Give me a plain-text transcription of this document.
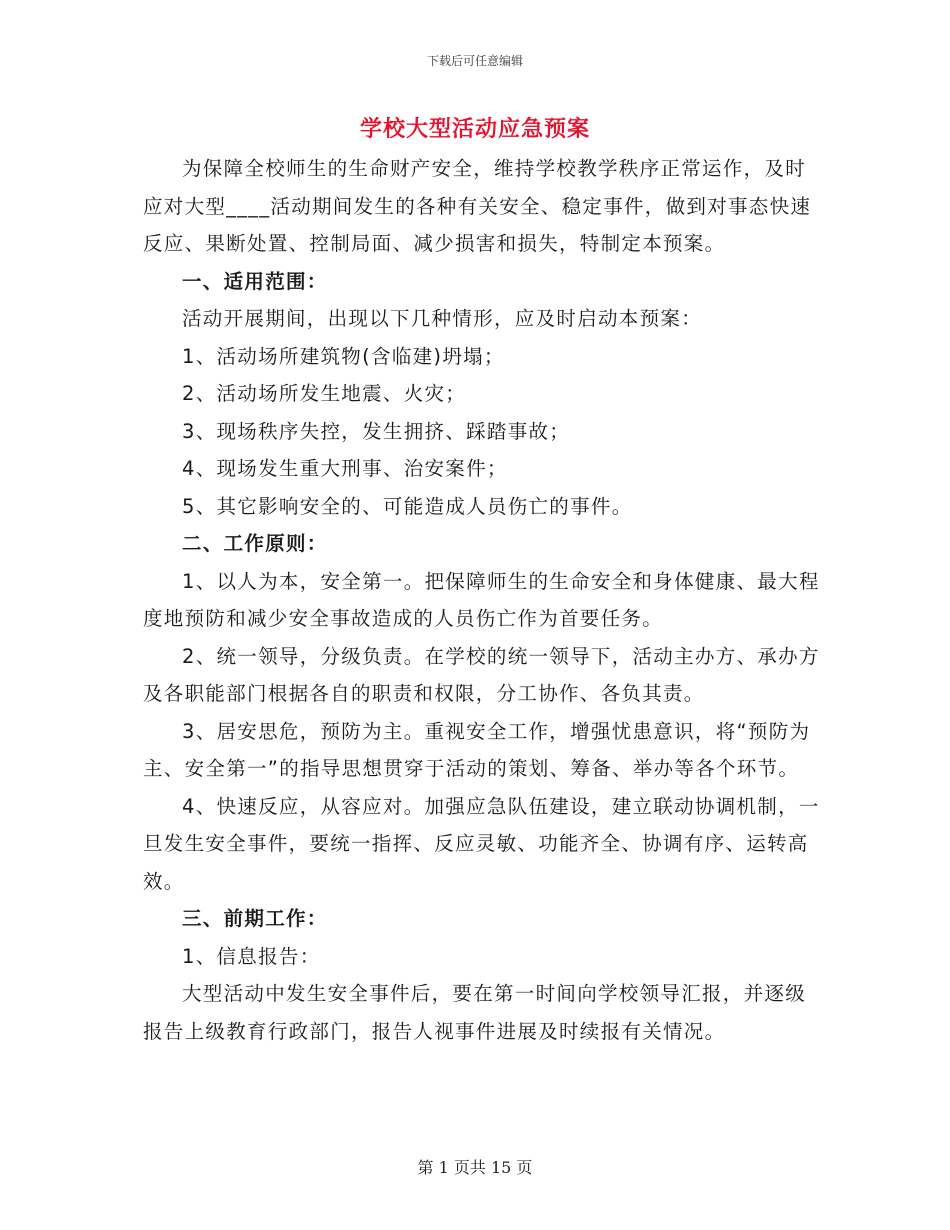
下载后可任意编辑
学校大型活动应急预案

为保障全校师生的生命财产安全，维持学校教学秩序正常运作，及时应对大型____活动期间发生的各种有关安全、稳定事件，做到对事态快速反应、果断处置、控制局面、减少损害和损失，特制定本预案。

一、适用范围：

活动开展期间，出现以下几种情形，应及时启动本预案：

1、活动场所建筑物(含临建)坍塌；

2、活动场所发生地震、火灾；

3、现场秩序失控，发生拥挤、踩踏事故；

4、现场发生重大刑事、治安案件；

5、其它影响安全的、可能造成人员伤亡的事件。

二、工作原则：

1、以人为本，安全第一。把保障师生的生命安全和身体健康、最大程度地预防和减少安全事故造成的人员伤亡作为首要任务。

2、统一领导，分级负责。在学校的统一领导下，活动主办方、承办方及各职能部门根据各自的职责和权限，分工协作、各负其责。

3、居安思危，预防为主。重视安全工作，增强忧患意识，将“预防为主、安全第一”的指导思想贯穿于活动的策划、筹备、举办等各个环节。

4、快速反应，从容应对。加强应急队伍建设，建立联动协调机制，一旦发生安全事件，要统一指挥、反应灵敏、功能齐全、协调有序、运转高效。

三、前期工作：

1、信息报告：

大型活动中发生安全事件后，要在第一时间向学校领导汇报，并逐级报告上级教育行政部门，报告人视事件进展及时续报有关情况。

第 1 页共 15 页
